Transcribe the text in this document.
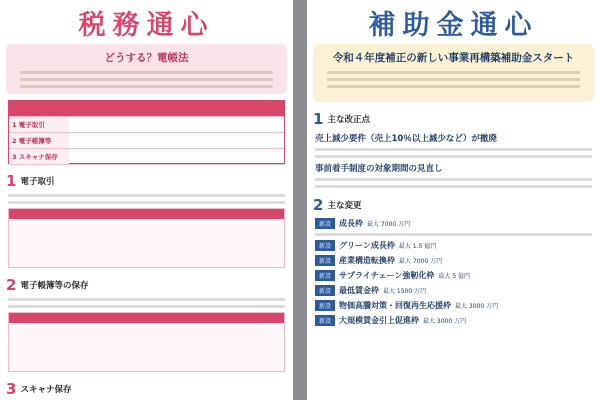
税務通心
どうする？電帳法
1 電子取引
2 電子帳簿等
3 スキャナ保存
1 電子取引
2 電子帳簿等の保存
3 スキャナ保存
補助金通心
令和４年度補正の新しい事業再構築補助金スタート
1 主な改正点
売上減少要件（売上10％以上減少など）が撤廃
事前着手制度の対象期間の見直し
2 主な変更
新設	成長枠 最大 7000 万円
新設	グリーン成長枠 最大 1.5 億円
新設	産業構造転換枠 最大 7000 万円
新設	サプライチェーン強靭化枠 最大 5 億円
新設	最低賃金枠 最大 1500 万円
新設	物価高騰対策・回復再生応援枠 最大 3000 万円
新設	大規模賃金引上促進枠 最大 3000 万円
